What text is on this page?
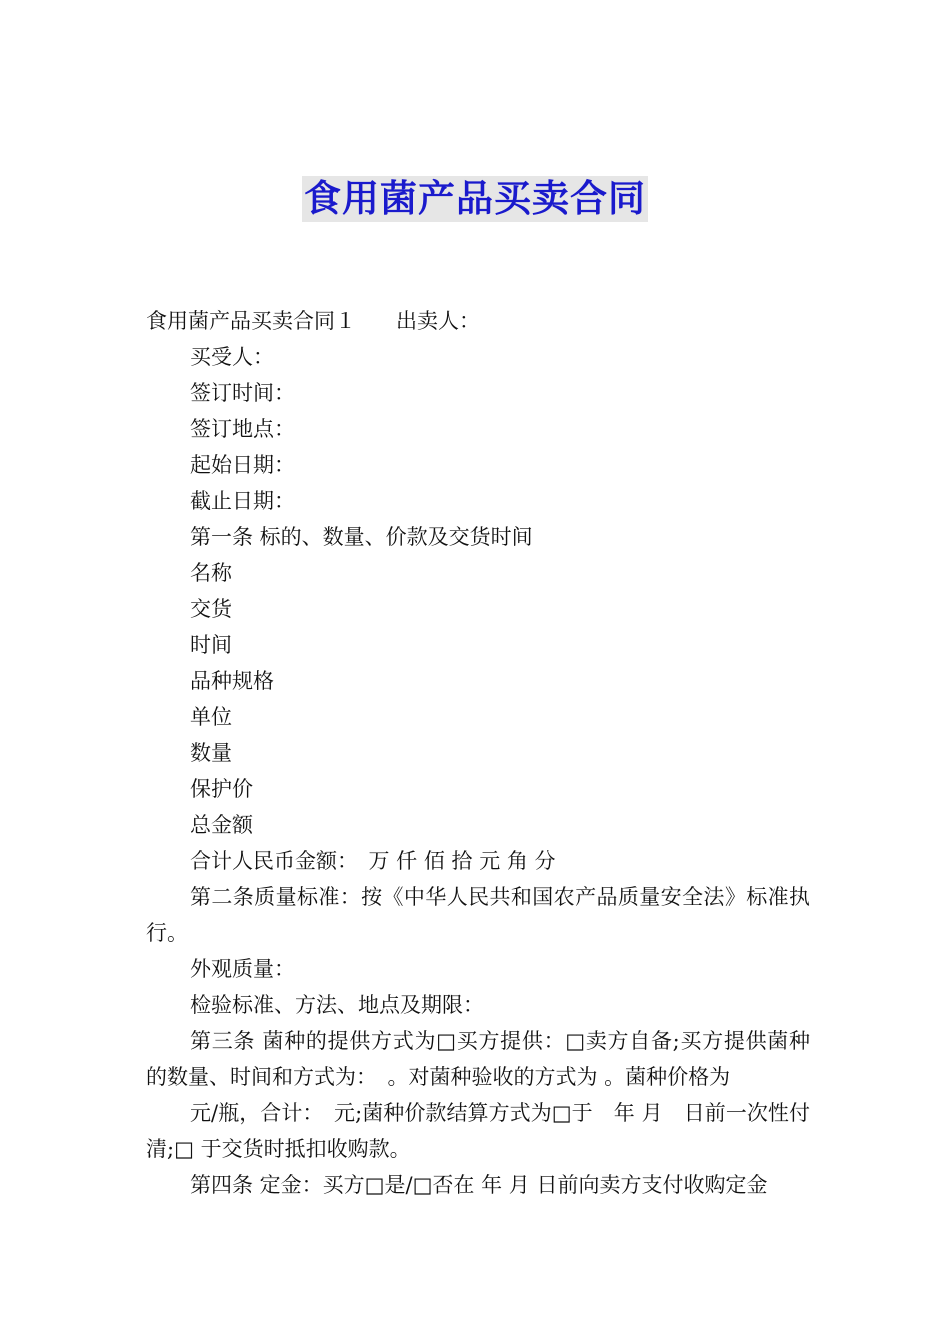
食用菌产品买卖合同

食用菌产品买卖合同１ 出卖人：

买受人：

签订时间：

签订地点：

起始日期：

截止日期：

第一条 标的、数量、价款及交货时间

名称

交货

时间

品种规格

单位

数量

保护价

总金额

合计人民币金额：　万 仟 佰 拾 元 角 分

第二条质量标准：按《中华人民共和国农产品质量安全法》标准执行。

外观质量：

检验标准、方法、地点及期限：

第三条 菌种的提供方式为□买方提供：□卖方自备;买方提供菌种的数量、时间和方式为：　。对菌种验收的方式为 。菌种价格为

元/瓶，合计：　元;菌种价款结算方式为□于　年 月　日前一次性付清;□ 于交货时抵扣收购款。

第四条 定金：买方□是/□否在 年 月 日前向卖方支付收购定金
